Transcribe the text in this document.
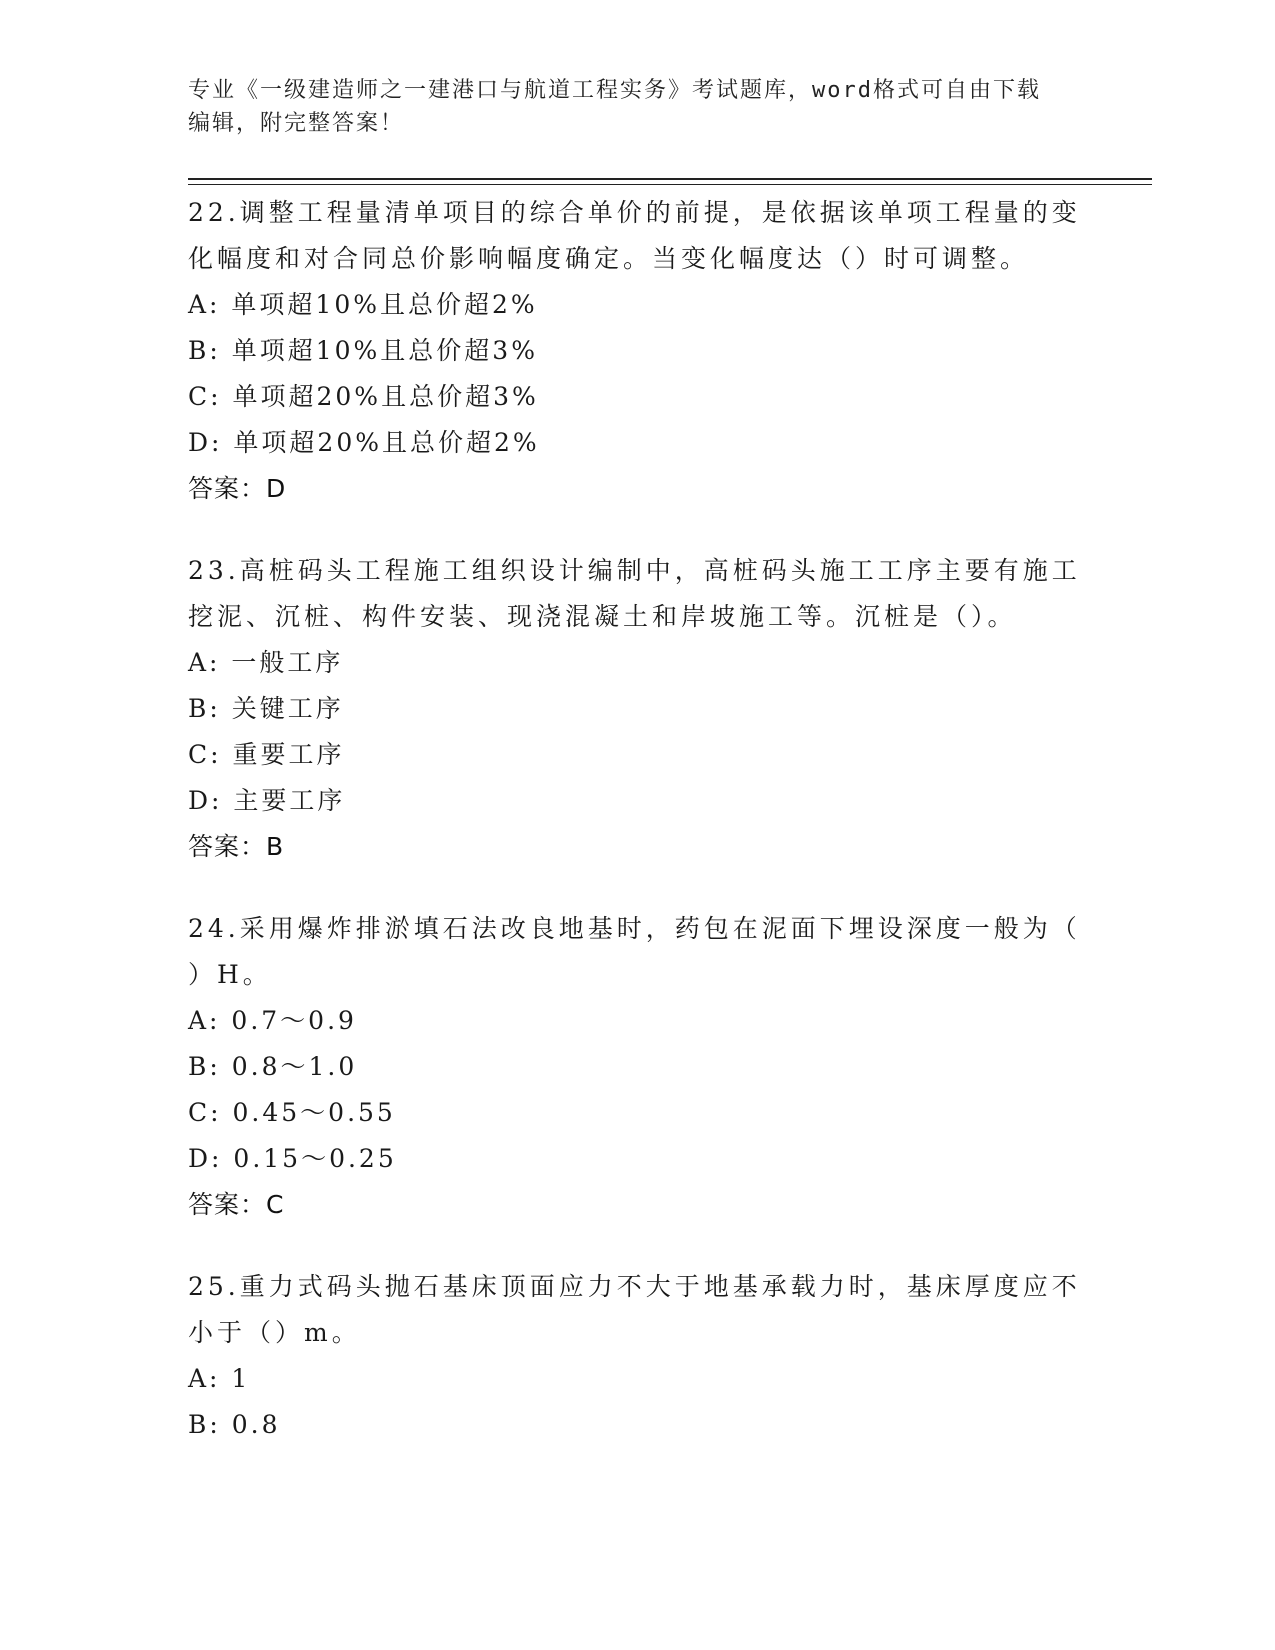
专业《一级建造师之一建港口与航道工程实务》考试题库，word格式可自由下载
编辑，附完整答案！
22.调整工程量清单项目的综合单价的前提，是依据该单项工程量的变
化幅度和对合同总价影响幅度确定。当变化幅度达（）时可调整。
A: 单项超10%且总价超2%
B: 单项超10%且总价超3%
C: 单项超20%且总价超3%
D: 单项超20%且总价超2%
答案：D
23.高桩码头工程施工组织设计编制中，高桩码头施工工序主要有施工
挖泥、沉桩、构件安装、现浇混凝土和岸坡施工等。沉桩是（）。
A: 一般工序
B: 关键工序
C: 重要工序
D: 主要工序
答案：B
24.采用爆炸排淤填石法改良地基时，药包在泥面下埋设深度一般为（
）H。
A: 0.7～0.9
B: 0.8～1.0
C: 0.45～0.55
D: 0.15～0.25
答案：C
25.重力式码头抛石基床顶面应力不大于地基承载力时，基床厚度应不
小于（）m。
A: 1
B: 0.8
